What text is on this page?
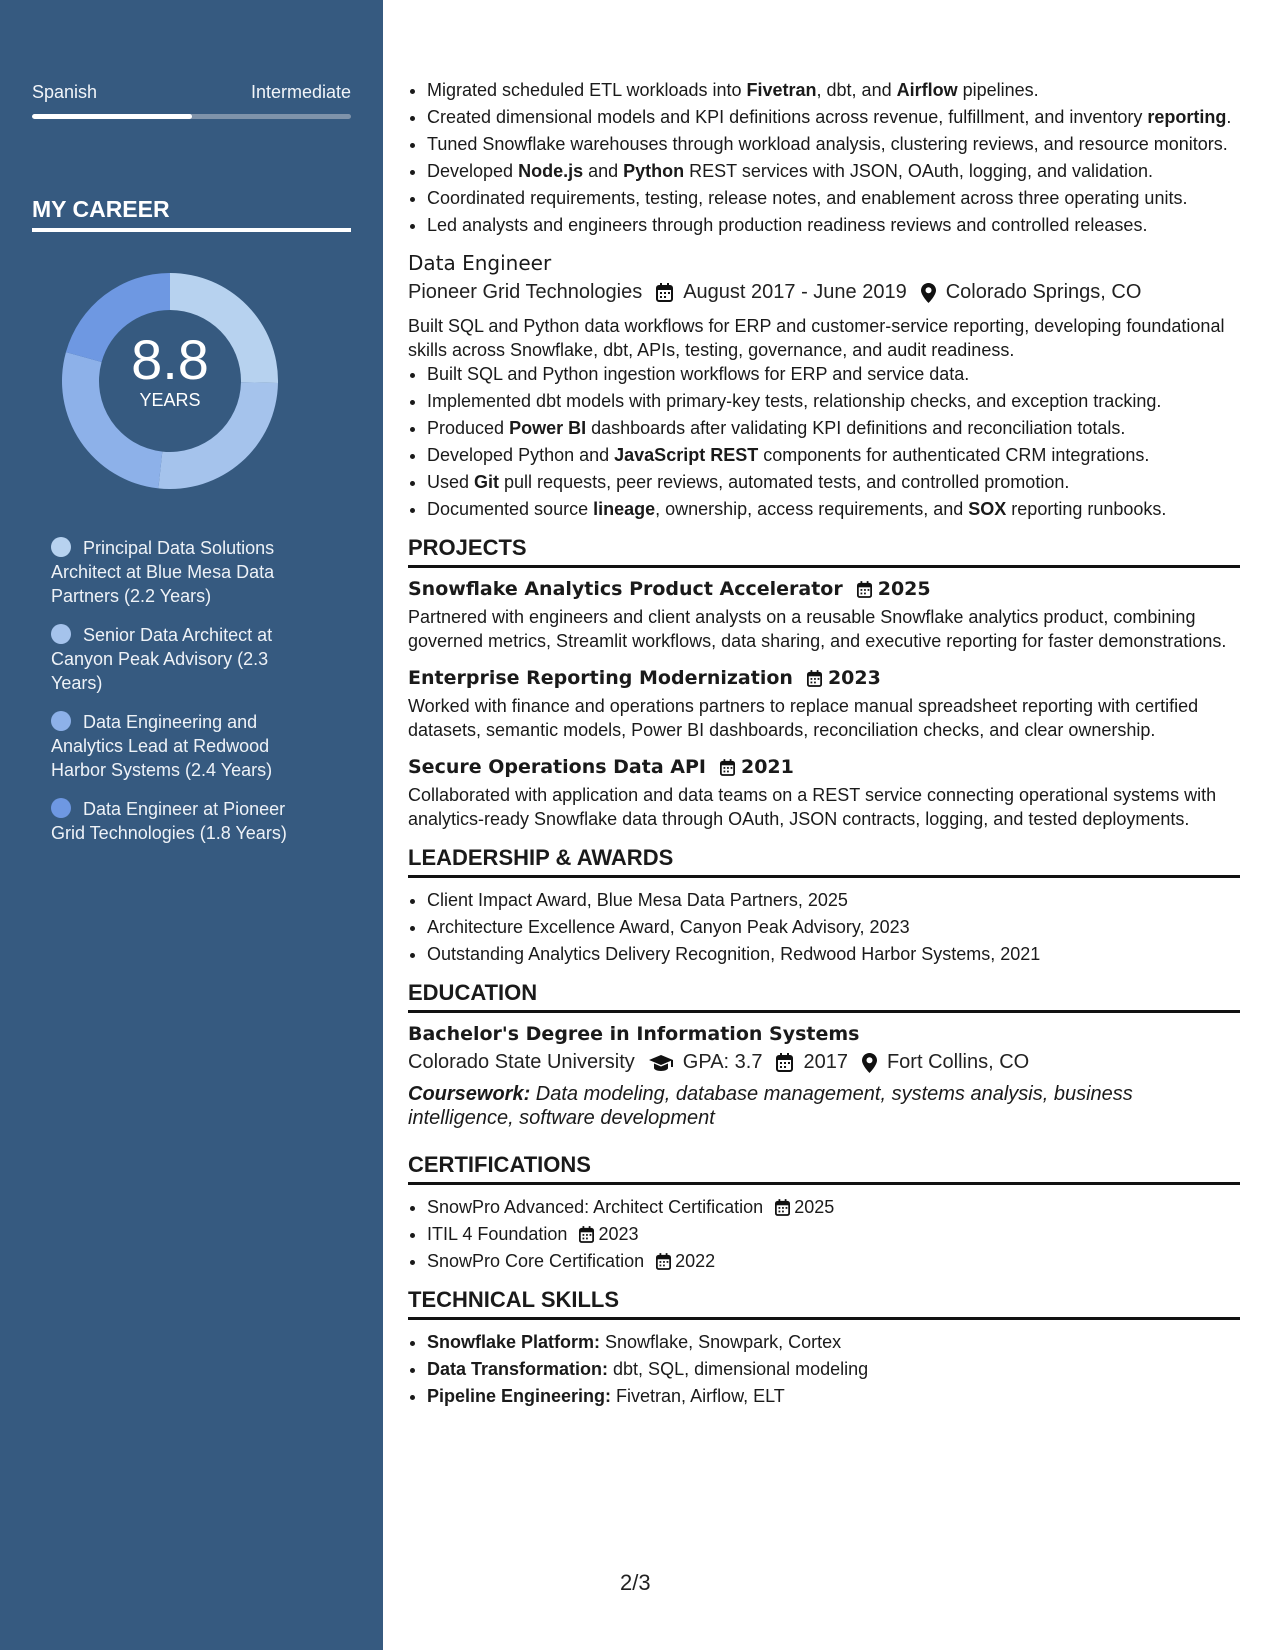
Spanish	Intermediate
MY CAREER
8.8
YEARS
Principal Data Solutions Architect at Blue Mesa Data Partners (2.2 Years)
Senior Data Architect at Canyon Peak Advisory (2.3 Years)
Data Engineering and Analytics Lead at Redwood Harbor Systems (2.4 Years)
Data Engineer at Pioneer Grid Technologies (1.8 Years)
• Migrated scheduled ETL workloads into Fivetran, dbt, and Airflow pipelines.
• Created dimensional models and KPI definitions across revenue, fulfillment, and inventory reporting.
• Tuned Snowflake warehouses through workload analysis, clustering reviews, and resource monitors.
• Developed Node.js and Python REST services with JSON, OAuth, logging, and validation.
• Coordinated requirements, testing, release notes, and enablement across three operating units.
• Led analysts and engineers through production readiness reviews and controlled releases.
Data Engineer
Pioneer Grid Technologies August 2017 - June 2019 Colorado Springs, CO
Built SQL and Python data workflows for ERP and customer-service reporting, developing foundational skills across Snowflake, dbt, APIs, testing, governance, and audit readiness.
• Built SQL and Python ingestion workflows for ERP and service data.
• Implemented dbt models with primary-key tests, relationship checks, and exception tracking.
• Produced Power BI dashboards after validating KPI definitions and reconciliation totals.
• Developed Python and JavaScript REST components for authenticated CRM integrations.
• Used Git pull requests, peer reviews, automated tests, and controlled promotion.
• Documented source lineage, ownership, access requirements, and SOX reporting runbooks.
PROJECTS
Snowflake Analytics Product Accelerator 2025
Partnered with engineers and client analysts on a reusable Snowflake analytics product, combining governed metrics, Streamlit workflows, data sharing, and executive reporting for faster demonstrations.
Enterprise Reporting Modernization 2023
Worked with finance and operations partners to replace manual spreadsheet reporting with certified datasets, semantic models, Power BI dashboards, reconciliation checks, and clear ownership.
Secure Operations Data API 2021
Collaborated with application and data teams on a REST service connecting operational systems with analytics-ready Snowflake data through OAuth, JSON contracts, logging, and tested deployments.
LEADERSHIP & AWARDS
• Client Impact Award, Blue Mesa Data Partners, 2025
• Architecture Excellence Award, Canyon Peak Advisory, 2023
• Outstanding Analytics Delivery Recognition, Redwood Harbor Systems, 2021
EDUCATION
Bachelor's Degree in Information Systems
Colorado State University GPA: 3.7 2017 Fort Collins, CO
Coursework: Data modeling, database management, systems analysis, business intelligence, software development
CERTIFICATIONS
• SnowPro Advanced: Architect Certification 2025
• ITIL 4 Foundation 2023
• SnowPro Core Certification 2022
TECHNICAL SKILLS
• Snowflake Platform: Snowflake, Snowpark, Cortex
• Data Transformation: dbt, SQL, dimensional modeling
• Pipeline Engineering: Fivetran, Airflow, ELT
2/3
